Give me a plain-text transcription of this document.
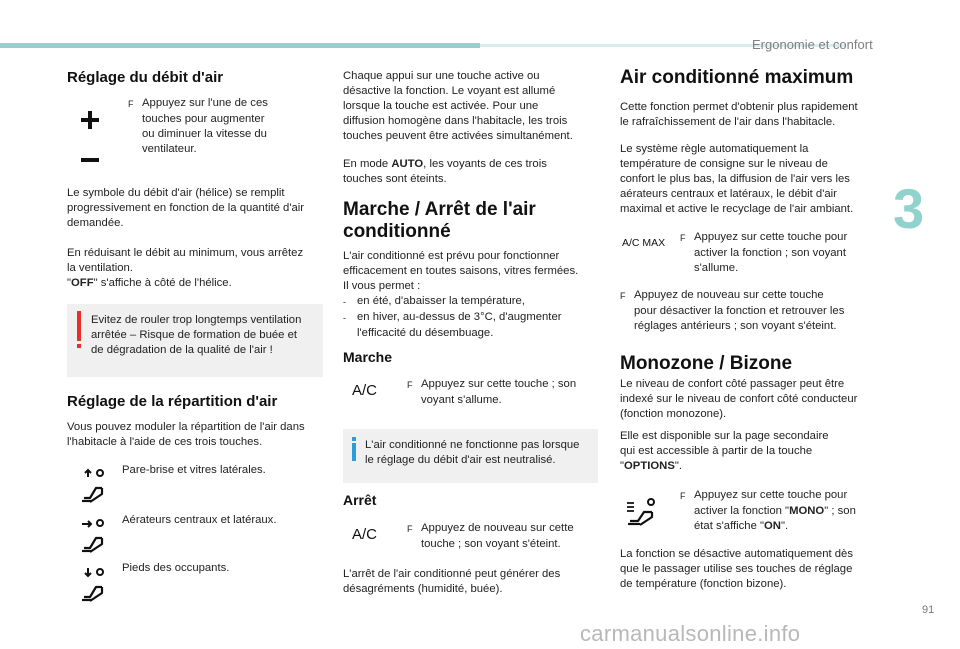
Ergonomie et confort
3
91
carmanualsonline.info
Réglage du débit d'air
F Appuyez sur l'une de ces
touches pour augmenter
ou diminuer la vitesse du
ventilateur.

Le symbole du débit d'air (hélice) se remplit

progressivement en fonction de la quantité d'air

demandée.

En réduisant le débit au minimum, vous arrêtez

la ventilation.

"OFF" s'affiche à côté de l'hélice.

Evitez de rouler trop longtemps ventilation

arrêtée – Risque de formation de buée et

de dégradation de la qualité de l'air !

Réglage de la répartition d'air

Vous pouvez moduler la répartition de l'air dans

l'habitacle à l'aide de ces trois touches.

Pare-brise et vitres latérales.
Aérateurs centraux et latéraux.
Pieds des occupants.

Chaque appui sur une touche active ou

désactive la fonction. Le voyant est allumé

lorsque la touche est activée. Pour une

diffusion homogène dans l'habitacle, les trois

touches peuvent être activées simultanément.

En mode AUTO, les voyants de ces trois

touches sont éteints.

Marche / Arrêt de l'air
conditionné

L'air conditionné est prévu pour fonctionner

efficacement en toutes saisons, vitres fermées.

Il vous permet :

- en été, d'abaisser la température,
- en hiver, au-dessus de 3°C, d'augmenter
l'efficacité du désembuage.
Marche
A/C	F Appuyez sur cette touche ; son
voyant s'allume.

L'air conditionné ne fonctionne pas lorsque

le réglage du débit d'air est neutralisé.

Arrêt
A/C	F Appuyez de nouveau sur cette
touche ; son voyant s'éteint.

L'arrêt de l'air conditionné peut générer des

désagréments (humidité, buée).

Air conditionné maximum

Cette fonction permet d'obtenir plus rapidement

le rafraîchissement de l'air dans l'habitacle.

Le système règle automatiquement la

température de consigne sur le niveau de

confort le plus bas, la diffusion de l'air vers les

aérateurs centraux et latéraux, le débit d'air

maximal et active le recyclage de l'air ambiant.

A/C MAX F Appuyez sur cette touche pour
activer la fonction ; son voyant
s'allume.
F Appuyez de nouveau sur cette touche
pour désactiver la fonction et retrouver les
réglages antérieurs ; son voyant s'éteint.
Monozone / Bizone

Le niveau de confort côté passager peut être

indexé sur le niveau de confort côté conducteur

(fonction monozone).

Elle est disponible sur la page secondaire

qui est accessible à partir de la touche

"OPTIONS".

F Appuyez sur cette touche pour

activer la fonction "MONO" ; son

état s'affiche "ON".

La fonction se désactive automatiquement dès

que le passager utilise ses touches de réglage

de température (fonction bizone).
